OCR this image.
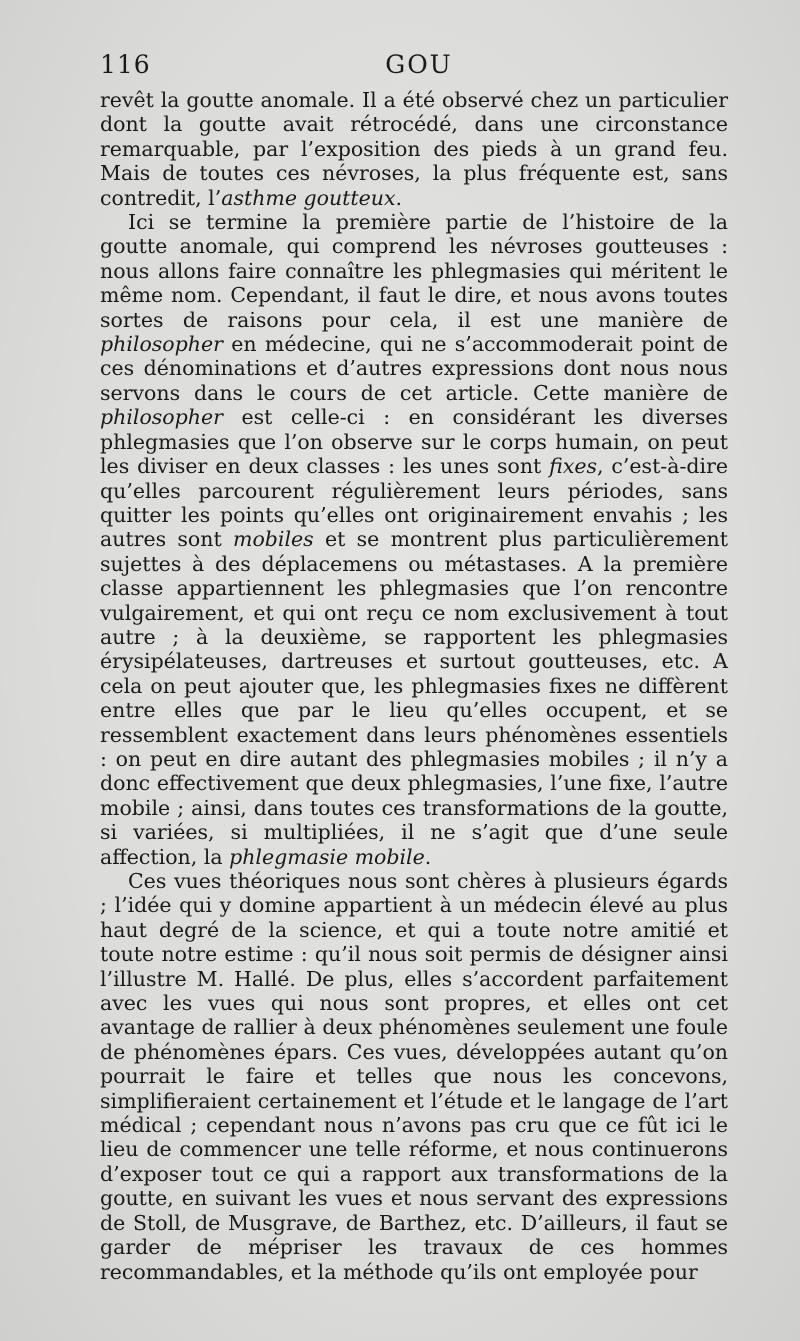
116	GOU

revêt la goutte anomale. Il a été observé chez un particulier dont la goutte avait rétrocédé, dans une circonstance remarquable, par l’exposition des pieds à un grand feu. Mais de toutes ces névroses, la plus fréquente est, sans contredit, l’asthme goutteux.

Ici se termine la première partie de l’histoire de la goutte anomale, qui comprend les névroses goutteuses : nous allons faire connaître les phlegmasies qui méritent le même nom. Cependant, il faut le dire, et nous avons toutes sortes de raisons pour cela, il est une manière de philosopher en médecine, qui ne s’accommoderait point de ces dénominations et d’autres expressions dont nous nous servons dans le cours de cet article. Cette manière de philosopher est celle-ci : en considérant les diverses phlegmasies que l’on observe sur le corps humain, on peut les diviser en deux classes : les unes sont fixes, c’est-à-dire qu’elles parcourent régulièrement leurs périodes, sans quitter les points qu’elles ont originairement envahis ; les autres sont mobiles et se montrent plus particulièrement sujettes à des déplacemens ou métastases. A la première classe appartiennent les phlegmasies que l’on rencontre vulgairement, et qui ont reçu ce nom exclusivement à tout autre ; à la deuxième, se rapportent les phlegmasies érysipélateuses, dartreuses et surtout goutteuses, etc. A cela on peut ajouter que, les phlegmasies fixes ne diffèrent entre elles que par le lieu qu’elles occupent, et se ressemblent exactement dans leurs phénomènes essentiels : on peut en dire autant des phlegmasies mobiles ; il n’y a donc effectivement que deux phlegmasies, l’une fixe, l’autre mobile ; ainsi, dans toutes ces transformations de la goutte, si variées, si multipliées, il ne s’agit que d’une seule affection, la phlegmasie mobile.

Ces vues théoriques nous sont chères à plusieurs égards ; l’idée qui y domine appartient à un médecin élevé au plus haut degré de la science, et qui a toute notre amitié et toute notre estime : qu’il nous soit permis de désigner ainsi l’illustre M. Hallé. De plus, elles s’accordent parfaitement avec les vues qui nous sont propres, et elles ont cet avantage de rallier à deux phénomènes seulement une foule de phénomènes épars. Ces vues, développées autant qu’on pourrait le faire et telles que nous les concevons, simplifieraient certainement et l’étude et le langage de l’art médical ; cependant nous n’avons pas cru que ce fût ici le lieu de commencer une telle réforme, et nous continuerons d’exposer tout ce qui a rapport aux transformations de la goutte, en suivant les vues et nous servant des expressions de Stoll, de Musgrave, de Barthez, etc. D’ailleurs, il faut se garder de mépriser les travaux de ces hommes recommandables, et la méthode qu’ils ont employée pour
